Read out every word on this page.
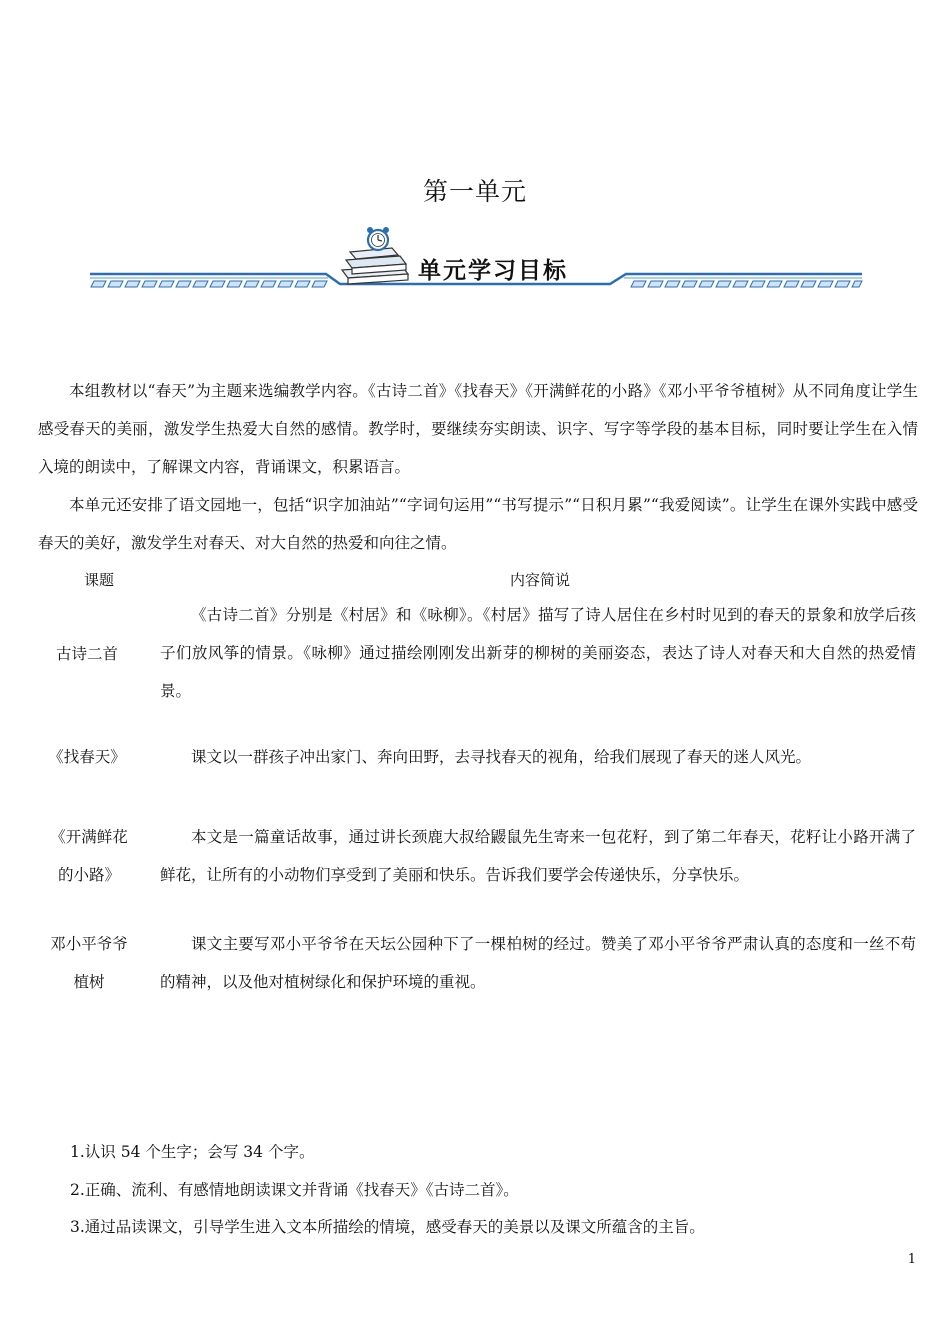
第一单元
单元学习目标
本组教材以“春天”为主题来选编教学内容。《古诗二首》《找春天》《开满鲜花的小路》《邓小平爷爷植树》从不同角度让学生感受春天的美丽，激发学生热爱大自然的感情。教学时，要继续夯实朗读、识字、写字等学段的基本目标，同时要让学生在入情入境的朗读中，了解课文内容，背诵课文，积累语言。
本单元还安排了语文园地一，包括“识字加油站”“字词句运用”“书写提示”“日积月累”“我爱阅读”。让学生在课外实践中感受春天的美好，激发学生对春天、对大自然的热爱和向往之情。
课题	内容简说
古诗二首
《古诗二首》分别是《村居》和《咏柳》。《村居》描写了诗人居住在乡村时见到的春天的景象和放学后孩子们放风筝的情景。《咏柳》通过描绘刚刚发出新芽的柳树的美丽姿态，表达了诗人对春天和大自然的热爱情景。
《找春天》	课文以一群孩子冲出家门、奔向田野，去寻找春天的视角，给我们展现了春天的迷人风光。
《开满鲜花的小路》
本文是一篇童话故事，通过讲长颈鹿大叔给鼹鼠先生寄来一包花籽，到了第二年春天，花籽让小路开满了鲜花，让所有的小动物们享受到了美丽和快乐。告诉我们要学会传递快乐，分享快乐。
邓小平爷爷植树
课文主要写邓小平爷爷在天坛公园种下了一棵柏树的经过。赞美了邓小平爷爷严肃认真的态度和一丝不苟的精神，以及他对植树绿化和保护环境的重视。
1.认识 54 个生字；会写 34 个字。
2.正确、流利、有感情地朗读课文并背诵《找春天》《古诗二首》。
3.通过品读课文，引导学生进入文本所描绘的情境，感受春天的美景以及课文所蕴含的主旨。
1
